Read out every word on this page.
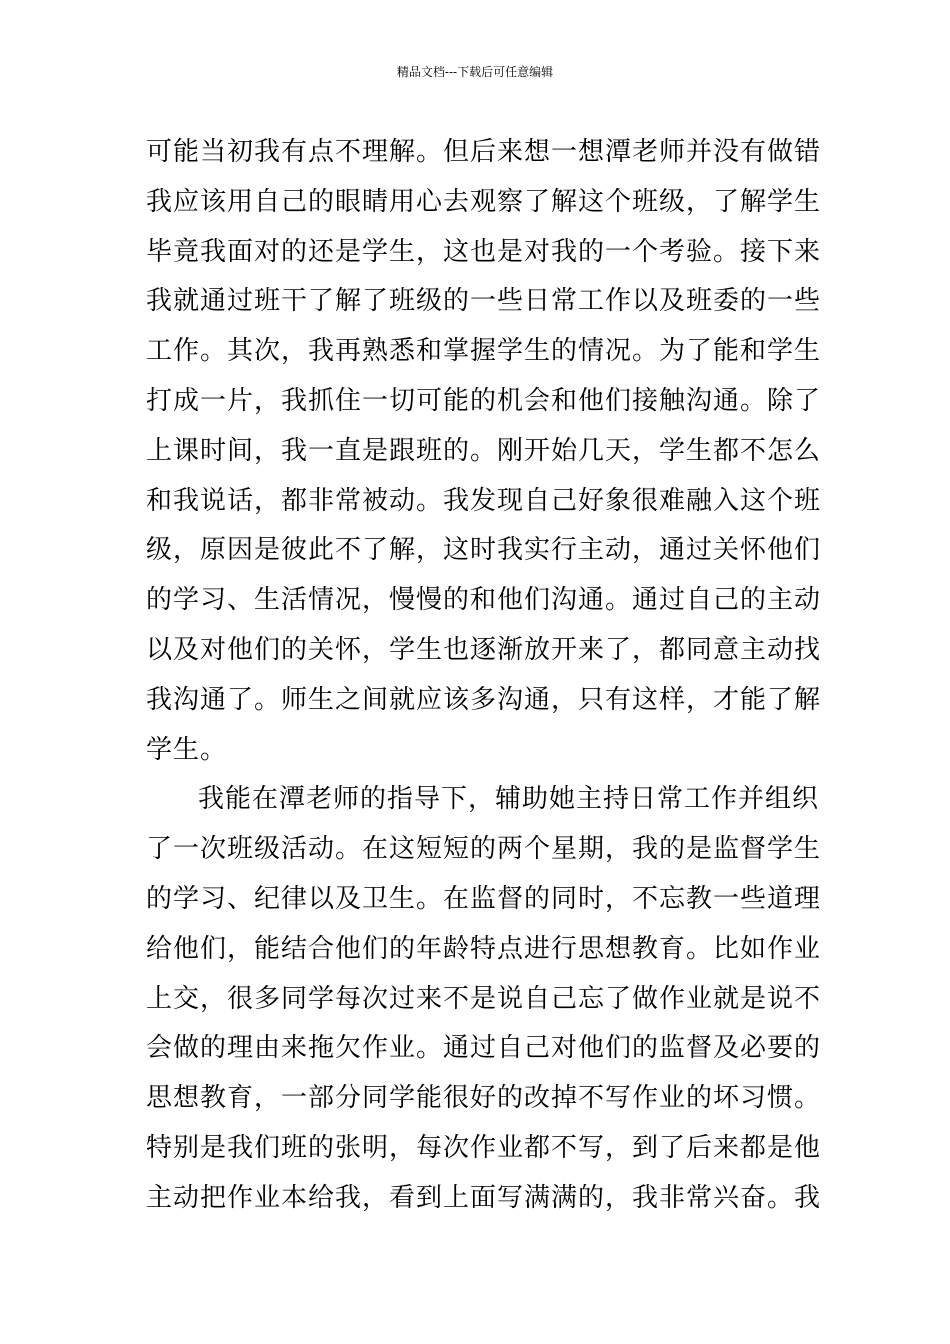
精品文档---下载后可任意编辑
可能当初我有点不理解。但后来想一想潭老师并没有做错
我应该用自己的眼睛用心去观察了解这个班级，了解学生
毕竟我面对的还是学生，这也是对我的一个考验。接下来
我就通过班干了解了班级的一些日常工作以及班委的一些
工作。其次，我再熟悉和掌握学生的情况。为了能和学生
打成一片，我抓住一切可能的机会和他们接触沟通。除了
上课时间，我一直是跟班的。刚开始几天，学生都不怎么
和我说话，都非常被动。我发现自己好象很难融入这个班
级，原因是彼此不了解，这时我实行主动，通过关怀他们
的学习、生活情况，慢慢的和他们沟通。通过自己的主动
以及对他们的关怀，学生也逐渐放开来了，都同意主动找
我沟通了。师生之间就应该多沟通，只有这样，才能了解
学生。
我能在潭老师的指导下，辅助她主持日常工作并组织
了一次班级活动。在这短短的两个星期，我的是监督学生
的学习、纪律以及卫生。在监督的同时，不忘教一些道理
给他们，能结合他们的年龄特点进行思想教育。比如作业
上交，很多同学每次过来不是说自己忘了做作业就是说不
会做的理由来拖欠作业。通过自己对他们的监督及必要的
思想教育，一部分同学能很好的改掉不写作业的坏习惯。
特别是我们班的张明，每次作业都不写，到了后来都是他
主动把作业本给我，看到上面写满满的，我非常兴奋。我
